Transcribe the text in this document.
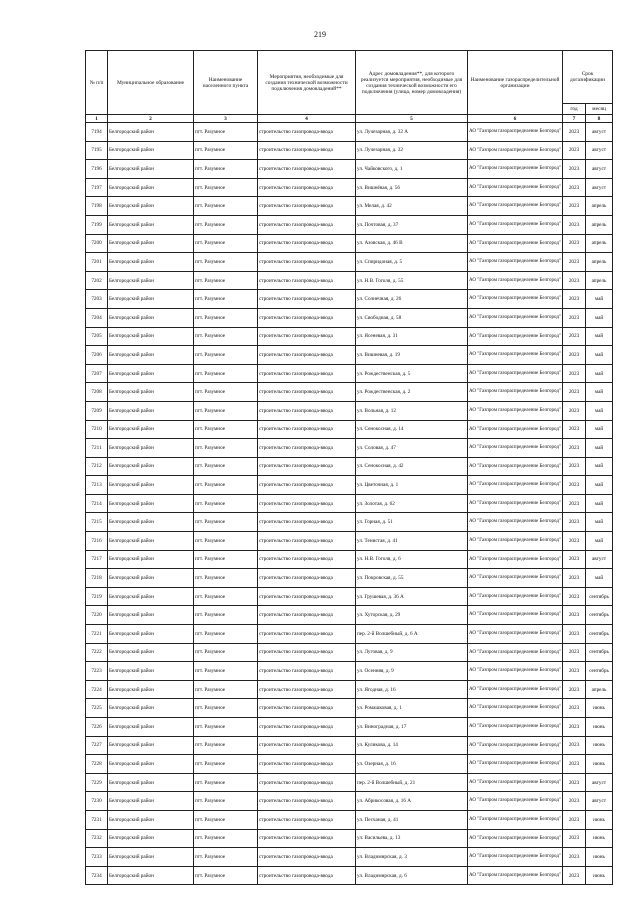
219
№ п/п	Муниципальное образование	Наименование населенного пункта	Мероприятия, необходимые для создания технической возможности подключения домовладений**	Адрес домовладения**, для которого реализуется мероприятия, необходимые для создания технической возможности его подключения (улица, номер домовладения)	Наименование газораспределительной организации	Срок догазификации	
						год	месяц
1	2	3	4	5	6	7	8
7194	Белгородский район	пгт. Разумное	строительство газопровода-ввода	ул. Лучезарная, д. 32 А	АО "Газпром газораспределение Белгород"	2023	август
7195	Белгородский район	пгт. Разумное	строительство газопровода-ввода	ул. Лучезарная, д. 32	АО "Газпром газораспределение Белгород"	2023	август
7196	Белгородский район	пгт. Разумное	строительство газопровода-ввода	ул. Чайковского, д. 1	АО "Газпром газораспределение Белгород"	2023	август
7197	Белгородский район	пгт. Разумное	строительство газопровода-ввода	ул. Вишнёвая, д. 56	АО "Газпром газораспределение Белгород"	2023	август
7198	Белгородский район	пгт. Разумное	строительство газопровода-ввода	ул. Мелая, д. 42	АО "Газпром газораспределение Белгород"	2023	апрель
7199	Белгородский район	пгт. Разумное	строительство газопровода-ввода	ул. Почтовая, д. 37	АО "Газпром газораспределение Белгород"	2023	апрель
7200	Белгородский район	пгт. Разумное	строительство газопровода-ввода	ул. Азовская, д. 46 В	АО "Газпром газораспределение Белгород"	2023	апрель
7201	Белгородский район	пгт. Разумное	строительство газопровода-ввода	ул. Спиридоная, д. 5	АО "Газпром газораспределение Белгород"	2023	апрель
7202	Белгородский район	пгт. Разумное	строительство газопровода-ввода	ул. Н.В. Гоголя, д. 55	АО "Газпром газораспределение Белгород"	2023	апрель
7203	Белгородский район	пгт. Разумное	строительство газопровода-ввода	ул. Солнечная, д. 26	АО "Газпром газораспределение Белгород"	2023	май
7204	Белгородский район	пгт. Разумное	строительство газопровода-ввода	ул. Свободная, д. 58	АО "Газпром газораспределение Белгород"	2023	май
7205	Белгородский район	пгт. Разумное	строительство газопровода-ввода	ул. Ясеневая, д. 31	АО "Газпром газораспределение Белгород"	2023	май
7206	Белгородский район	пгт. Разумное	строительство газопровода-ввода	ул. Вишневая, д. 19	АО "Газпром газораспределение Белгород"	2023	май
7207	Белгородский район	пгт. Разумное	строительство газопровода-ввода	ул. Рождественская, д. 5	АО "Газпром газораспределение Белгород"	2023	май
7208	Белгородский район	пгт. Разумное	строительство газопровода-ввода	ул. Рождественская, д. 2	АО "Газпром газораспределение Белгород"	2023	май
7209	Белгородский район	пгт. Разумное	строительство газопровода-ввода	ул. Вольная, д. 12	АО "Газпром газораспределение Белгород"	2023	май
7210	Белгородский район	пгт. Разумное	строительство газопровода-ввода	ул. Сенокосная, д. 14	АО "Газпром газораспределение Белгород"	2023	май
7211	Белгородский район	пгт. Разумное	строительство газопровода-ввода	ул. Соловая, д. 47	АО "Газпром газораспределение Белгород"	2023	май
7212	Белгородский район	пгт. Разумное	строительство газопровода-ввода	ул. Сенокосная, д. 42	АО "Газпром газораспределение Белгород"	2023	май
7213	Белгородский район	пгт. Разумное	строительство газопровода-ввода	ул. Цветочная, д. 1	АО "Газпром газораспределение Белгород"	2023	май
7214	Белгородский район	пгт. Разумное	строительство газопровода-ввода	ул. Золотая, д. 62	АО "Газпром газораспределение Белгород"	2023	май
7215	Белгородский район	пгт. Разумное	строительство газопровода-ввода	ул. Горная, д. 51	АО "Газпром газораспределение Белгород"	2023	май
7216	Белгородский район	пгт. Разумное	строительство газопровода-ввода	ул. Тенистая, д. 41	АО "Газпром газораспределение Белгород"	2023	май
7217	Белгородский район	пгт. Разумное	строительство газопровода-ввода	ул. Н.В. Гоголя, д. 6	АО "Газпром газораспределение Белгород"	2023	август
7218	Белгородский район	пгт. Разумное	строительство газопровода-ввода	ул. Покровская, д. 55	АО "Газпром газораспределение Белгород"	2023	май
7219	Белгородский район	пгт. Разумное	строительство газопровода-ввода	ул. Грушевая, д. 36 А	АО "Газпром газораспределение Белгород"	2023	сентябрь
7220	Белгородский район	пгт. Разумное	строительство газопровода-ввода	ул. Хуторская, д. 29	АО "Газпром газораспределение Белгород"	2023	сентябрь
7221	Белгородский район	пгт. Разумное	строительство газопровода-ввода	пер. 2-й Волшебный, д. 6 А	АО "Газпром газораспределение Белгород"	2023	сентябрь
7222	Белгородский район	пгт. Разумное	строительство газопровода-ввода	ул. Луговая, д. 9	АО "Газпром газораспределение Белгород"	2023	сентябрь
7223	Белгородский район	пгт. Разумное	строительство газопровода-ввода	ул. Осенняя, д. 9	АО "Газпром газораспределение Белгород"	2023	сентябрь
7224	Белгородский район	пгт. Разумное	строительство газопровода-ввода	ул. Ягодная, д. 16	АО "Газпром газораспределение Белгород"	2023	апрель
7225	Белгородский район	пгт. Разумное	строительство газопровода-ввода	ул. Ромашковая, д. 1	АО "Газпром газораспределение Белгород"	2023	июнь
7226	Белгородский район	пгт. Разумное	строительство газопровода-ввода	ул. Виноградная, д. 17	АО "Газпром газораспределение Белгород"	2023	июнь
7227	Белгородский район	пгт. Разумное	строительство газопровода-ввода	ул. Куликова, д. 14	АО "Газпром газораспределение Белгород"	2023	июнь
7228	Белгородский район	пгт. Разумное	строительство газопровода-ввода	ул. Озерная, д. 16	АО "Газпром газораспределение Белгород"	2023	июнь
7229	Белгородский район	пгт. Разумное	строительство газопровода-ввода	пер. 2-й Волшебный, д. 21	АО "Газпром газораспределение Белгород"	2023	август
7230	Белгородский район	пгт. Разумное	строительство газопровода-ввода	ул. Абрикосовая, д. 16 А	АО "Газпром газораспределение Белгород"	2023	август
7231	Белгородский район	пгт. Разумное	строительство газопровода-ввода	ул. Песчаная, д. 41	АО "Газпром газораспределение Белгород"	2023	июнь
7232	Белгородский район	пгт. Разумное	строительство газопровода-ввода	ул. Васильева, д. 13	АО "Газпром газораспределение Белгород"	2023	июнь
7233	Белгородский район	пгт. Разумное	строительство газопровода-ввода	ул. Владимирская, д. 3	АО "Газпром газораспределение Белгород"	2023	июнь
7234	Белгородский район	пгт. Разумное	строительство газопровода-ввода	ул. Владимирская, д. 6	АО "Газпром газораспределение Белгород"	2023	июнь
